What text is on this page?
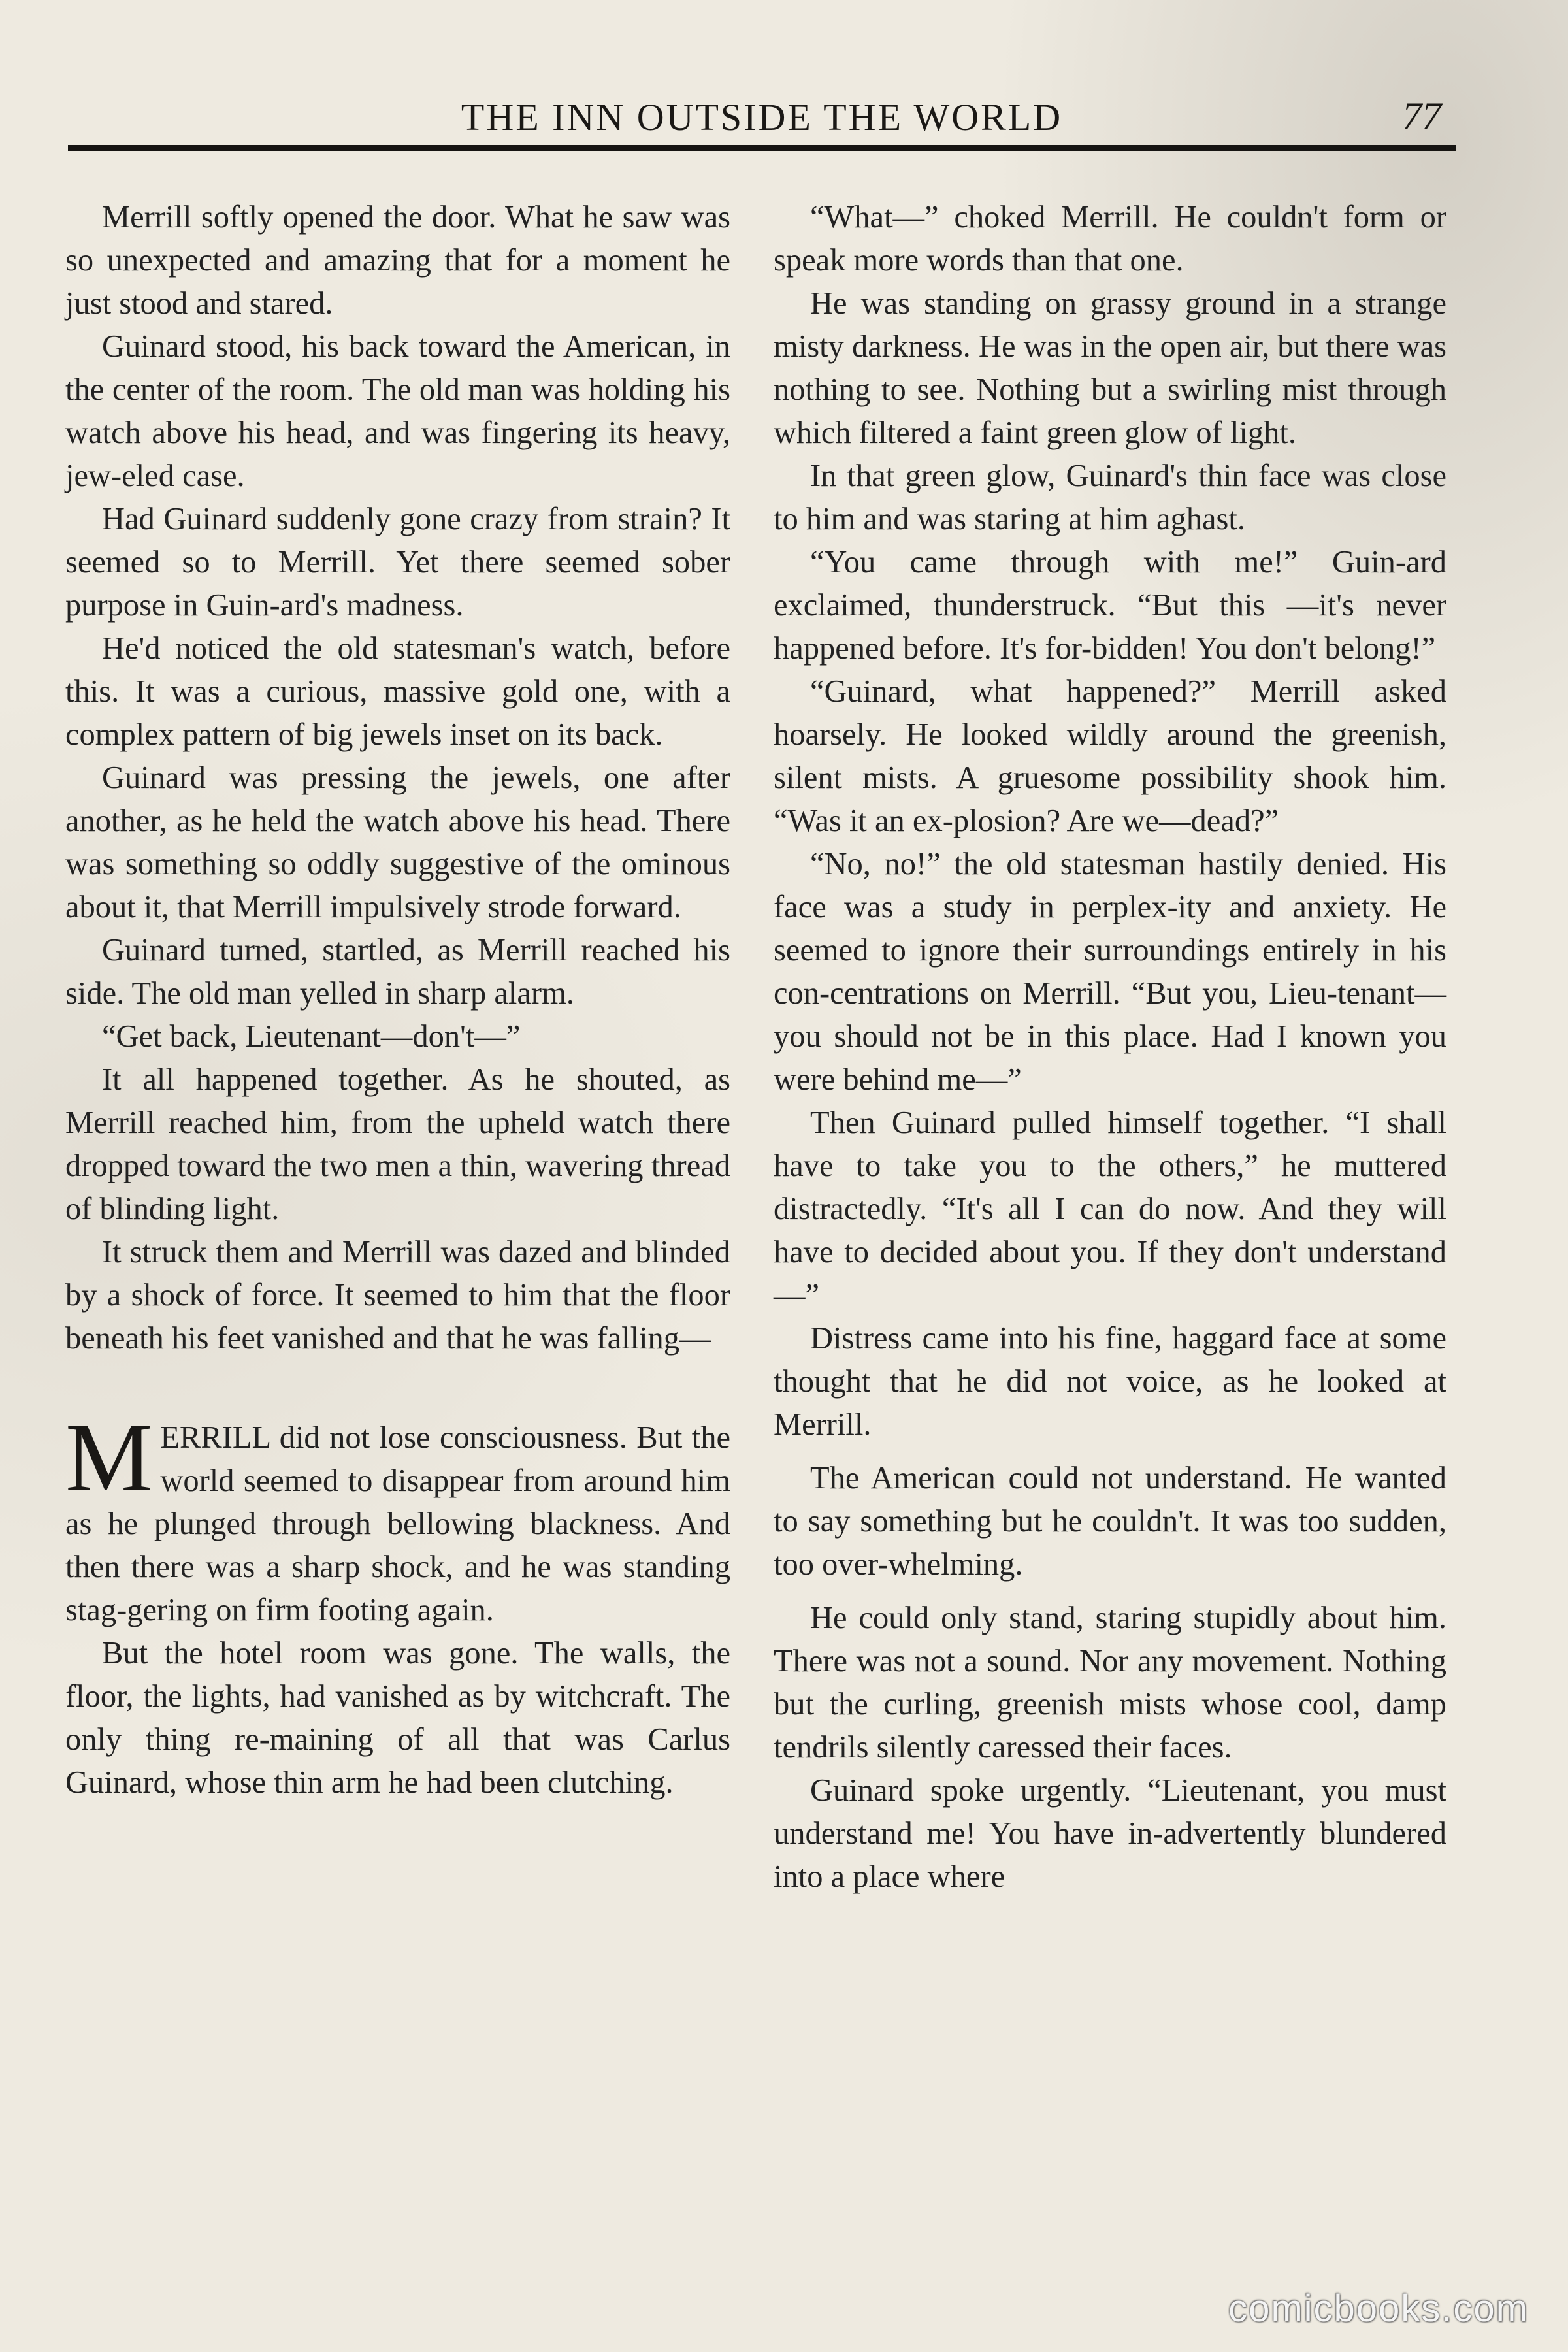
THE INN OUTSIDE THE WORLD	77

Merrill softly opened the door. What he saw was so unexpected and amazing that for a moment he just stood and stared.

Guinard stood, his back toward the American, in the center of the room. The old man was holding his watch above his head, and was fingering its heavy, jew-eled case.

Had Guinard suddenly gone crazy from strain? It seemed so to Merrill. Yet there seemed sober purpose in Guin-ard's madness.

He'd noticed the old statesman's watch, before this. It was a curious, massive gold one, with a complex pattern of big jewels inset on its back.

Guinard was pressing the jewels, one after another, as he held the watch above his head. There was something so oddly suggestive of the ominous about it, that Merrill impulsively strode forward.

Guinard turned, startled, as Merrill reached his side. The old man yelled in sharp alarm.

“Get back, Lieutenant—don't—”

It all happened together. As he shouted, as Merrill reached him, from the upheld watch there dropped toward the two men a thin, wavering thread of blinding light.

It struck them and Merrill was dazed and blinded by a shock of force. It seemed to him that the floor beneath his feet vanished and that he was falling—

MERRILL did not lose consciousness. But the world seemed to disappear from around him as he plunged through bellowing blackness. And then there was a sharp shock, and he was standing stag-gering on firm footing again.

But the hotel room was gone. The walls, the floor, the lights, had vanished as by witchcraft. The only thing re-maining of all that was Carlus Guinard, whose thin arm he had been clutching.

“What—” choked Merrill. He couldn't form or speak more words than that one.

He was standing on grassy ground in a strange misty darkness. He was in the open air, but there was nothing to see. Nothing but a swirling mist through which filtered a faint green glow of light.

In that green glow, Guinard's thin face was close to him and was staring at him aghast.

“You came through with me!” Guin-ard exclaimed, thunderstruck. “But this —it's never happened before. It's for-bidden! You don't belong!”

“Guinard, what happened?” Merrill asked hoarsely. He looked wildly around the greenish, silent mists. A gruesome possibility shook him. “Was it an ex-plosion? Are we—dead?”

“No, no!” the old statesman hastily denied. His face was a study in perplex-ity and anxiety. He seemed to ignore their surroundings entirely in his con-centrations on Merrill. “But you, Lieu-tenant—you should not be in this place. Had I known you were behind me—”

Then Guinard pulled himself together. “I shall have to take you to the others,” he muttered distractedly. “It's all I can do now. And they will have to decided about you. If they don't understand—”

Distress came into his fine, haggard face at some thought that he did not voice, as he looked at Merrill.

The American could not understand. He wanted to say something but he couldn't. It was too sudden, too over-whelming.

He could only stand, staring stupidly about him. There was not a sound. Nor any movement. Nothing but the curling, greenish mists whose cool, damp tendrils silently caressed their faces.

Guinard spoke urgently. “Lieutenant, you must understand me! You have in-advertently blundered into a place where

comicbooks.com
